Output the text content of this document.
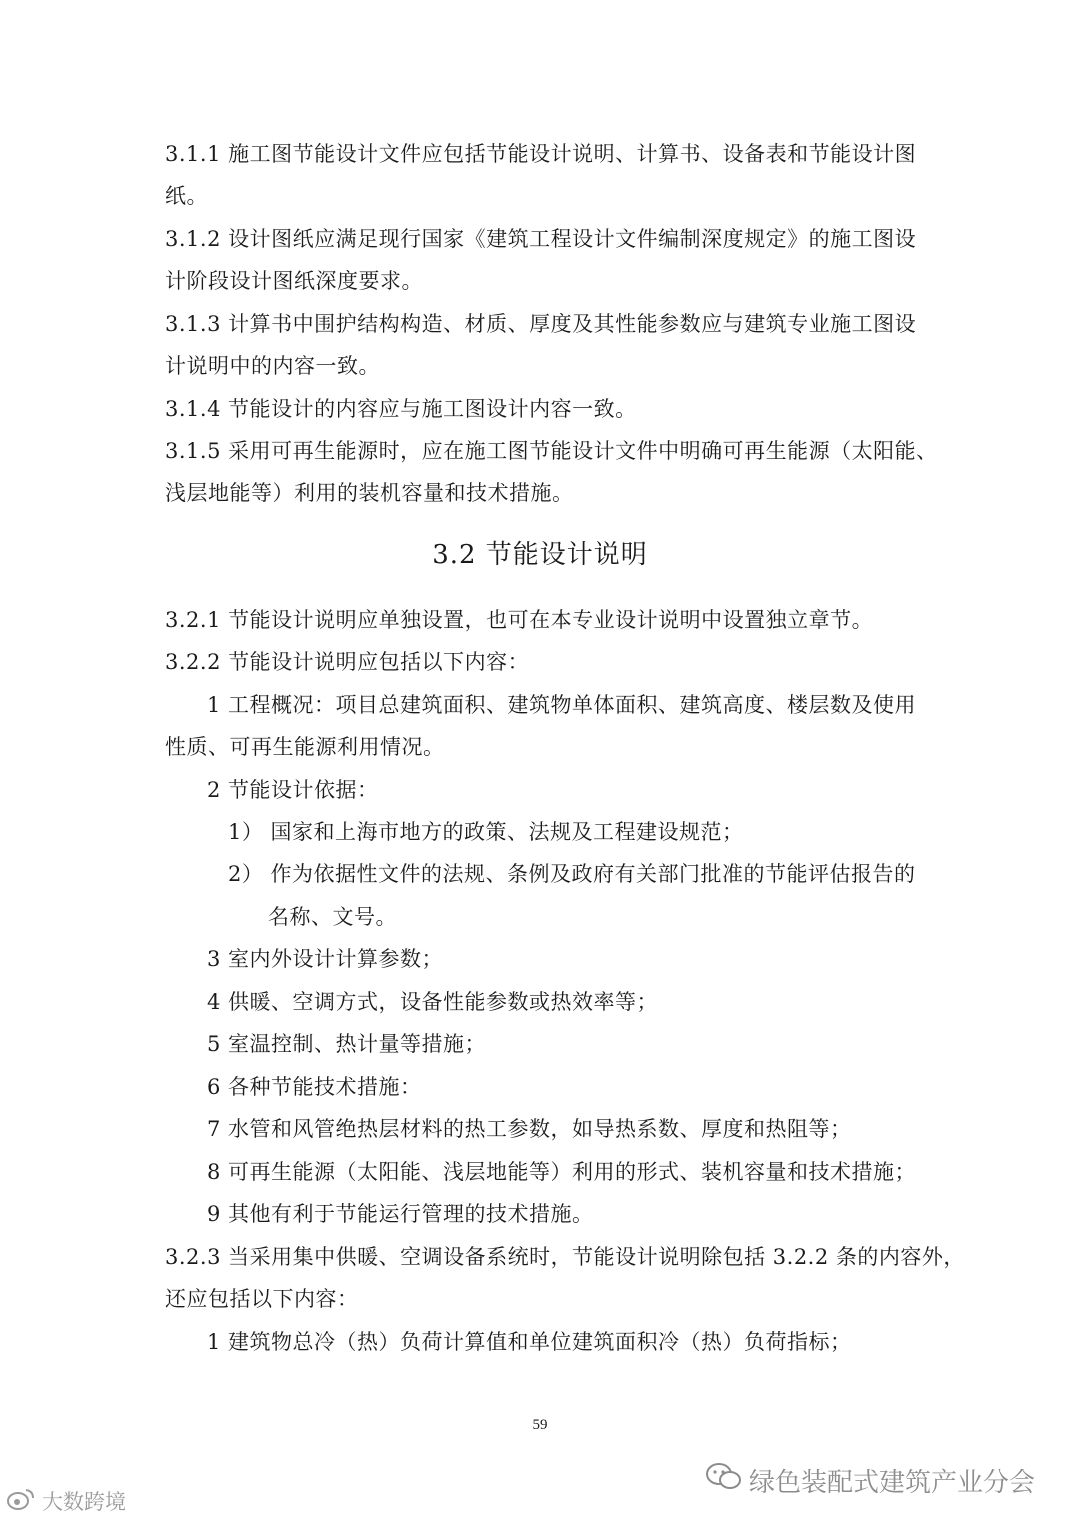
3.1.1 施工图节能设计文件应包括节能设计说明、计算书、设备表和节能设计图
纸。
3.1.2 设计图纸应满足现行国家《建筑工程设计文件编制深度规定》的施工图设
计阶段设计图纸深度要求。
3.1.3 计算书中围护结构构造、材质、厚度及其性能参数应与建筑专业施工图设
计说明中的内容一致。
3.1.4 节能设计的内容应与施工图设计内容一致。
3.1.5 采用可再生能源时，应在施工图节能设计文件中明确可再生能源（太阳能、
浅层地能等）利用的装机容量和技术措施。
3.2.1 节能设计说明应单独设置，也可在本专业设计说明中设置独立章节。
3.2.2 节能设计说明应包括以下内容：
1 工程概况：项目总建筑面积、建筑物单体面积、建筑高度、楼层数及使用
性质、可再生能源利用情况。
2 节能设计依据：
1） 国家和上海市地方的政策、法规及工程建设规范；
2） 作为依据性文件的法规、条例及政府有关部门批准的节能评估报告的
名称、文号。
3 室内外设计计算参数；
4 供暖、空调方式，设备性能参数或热效率等；
5 室温控制、热计量等措施；
6 各种节能技术措施：
7 水管和风管绝热层材料的热工参数，如导热系数、厚度和热阻等；
8 可再生能源（太阳能、浅层地能等）利用的形式、装机容量和技术措施；
9 其他有利于节能运行管理的技术措施。
3.2.3 当采用集中供暖、空调设备系统时，节能设计说明除包括 3.2.2 条的内容外，
还应包括以下内容：
1 建筑物总冷（热）负荷计算值和单位建筑面积冷（热）负荷指标；
3.2 节能设计说明
59
大数跨境
绿色装配式建筑产业分会
